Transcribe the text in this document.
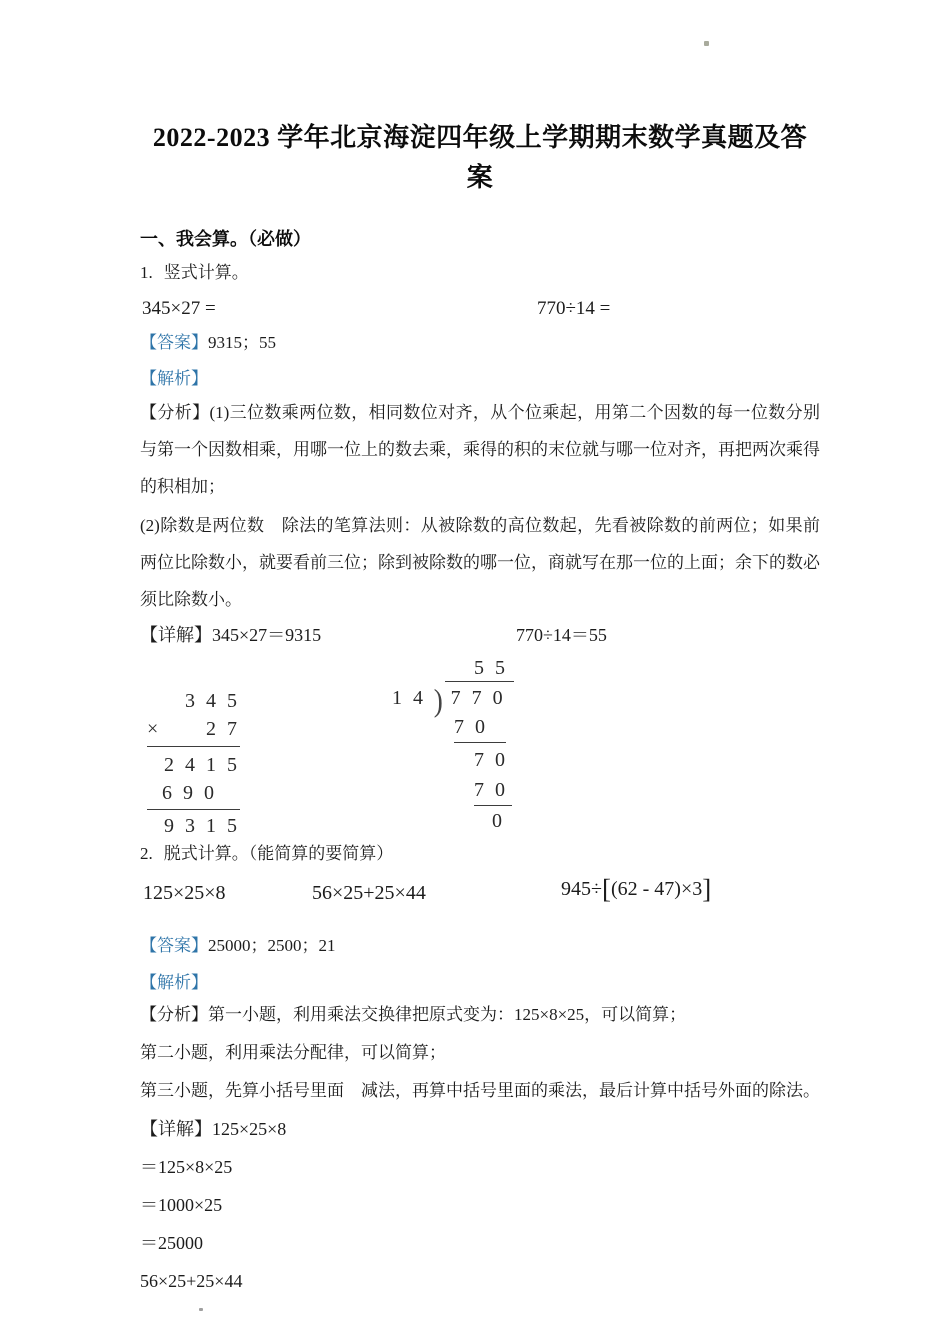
2022-2023 学年北京海淀四年级上学期期末数学真题及答案
一、我会算。（必做）
1. 竖式计算。
345×27 =	770÷14 =
【答案】9315；55
【解析】

【分析】(1)三位数乘两位数，相同数位对齐，从个位乘起，用第二个因数的每一位数分别与第一个因数相乘，用哪一位上的数去乘，乘得的积的末位就与哪一位对齐，再把两次乘得的积相加；

(2)除数是两位数　除法的笔算法则：从被除数的高位数起，先看被除数的前两位；如果前两位比除数小，就要看前三位；除到被除数的哪一位，商就写在那一位的上面；余下的数必须比除数小。

【详解】345×27＝9315	770÷14＝55
3 4 5
× 2 7
2 4 1 5
6 9 0
9 3 1 5
5 5
1 4 ) 7 7 0
7 0
7 0
7 0
0
2. 脱式计算。（能简算的要简算）
125×25×8	56×25+25×44	945÷[(62 - 47)×3]
【答案】25000；2500；21
【解析】

【分析】第一小题，利用乘法交换律把原式变为：125×8×25，可以简算；

第二小题，利用乘法分配律，可以简算；

第三小题，先算小括号里面　减法，再算中括号里面的乘法，最后计算中括号外面的除法。

【详解】125×25×8
＝125×8×25
＝1000×25
＝25000
56×25+25×44
